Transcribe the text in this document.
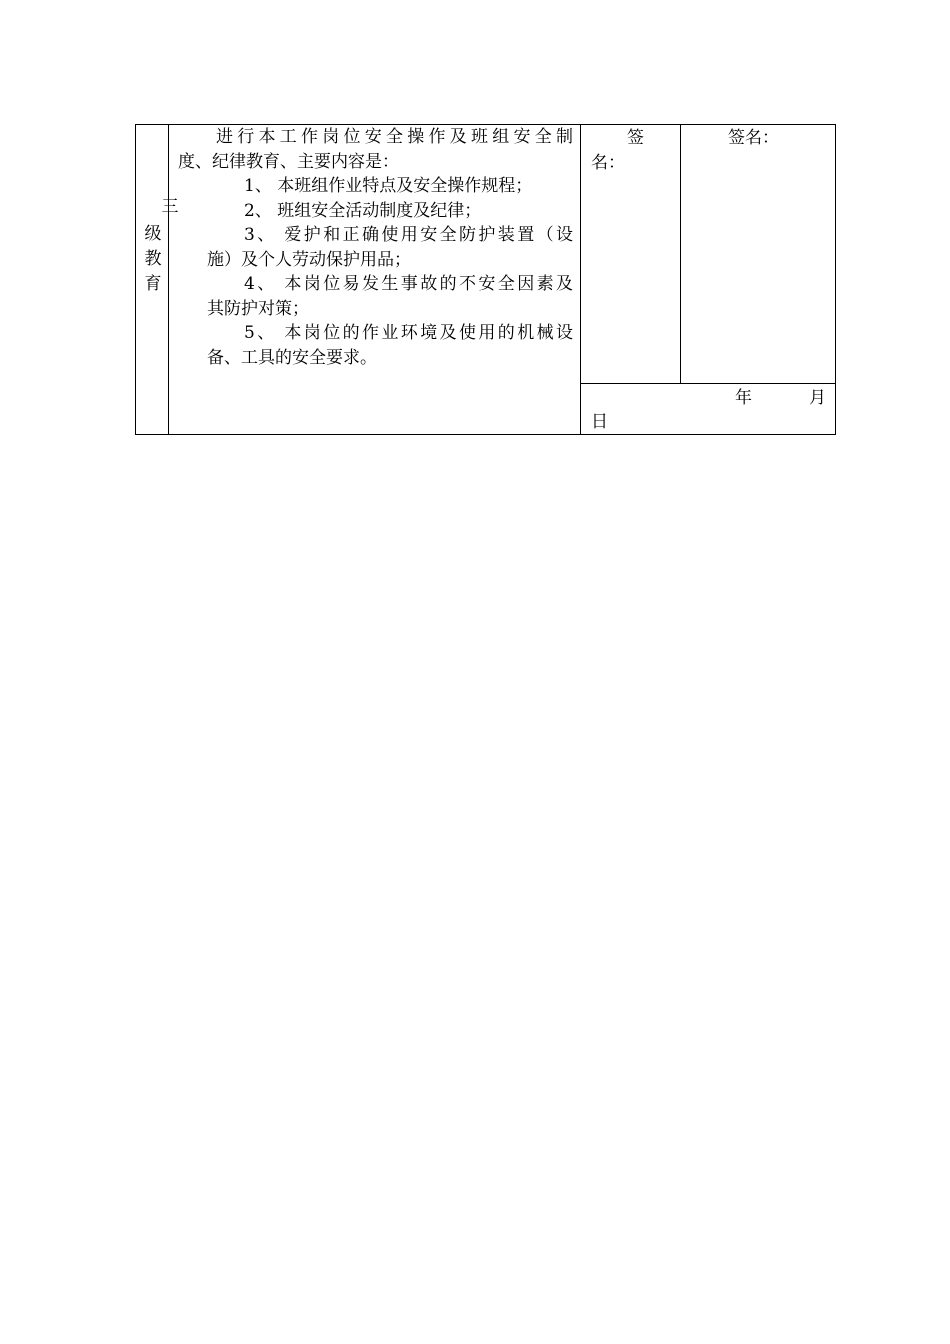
三
级
教
育

进行本工作岗位安全操作及班组安全制

度、纪律教育、主要内容是：

1、 本班组作业特点及安全操作规程；

2、 班组安全活动制度及纪律；

3、 爱护和正确使用安全防护装置（设

施）及个人劳动保护用品；

4、 本岗位易发生事故的不安全因素及

其防护对策；

5、 本岗位的作业环境及使用的机械设

备、工具的安全要求。

签
名：
签名：
年	月
日
